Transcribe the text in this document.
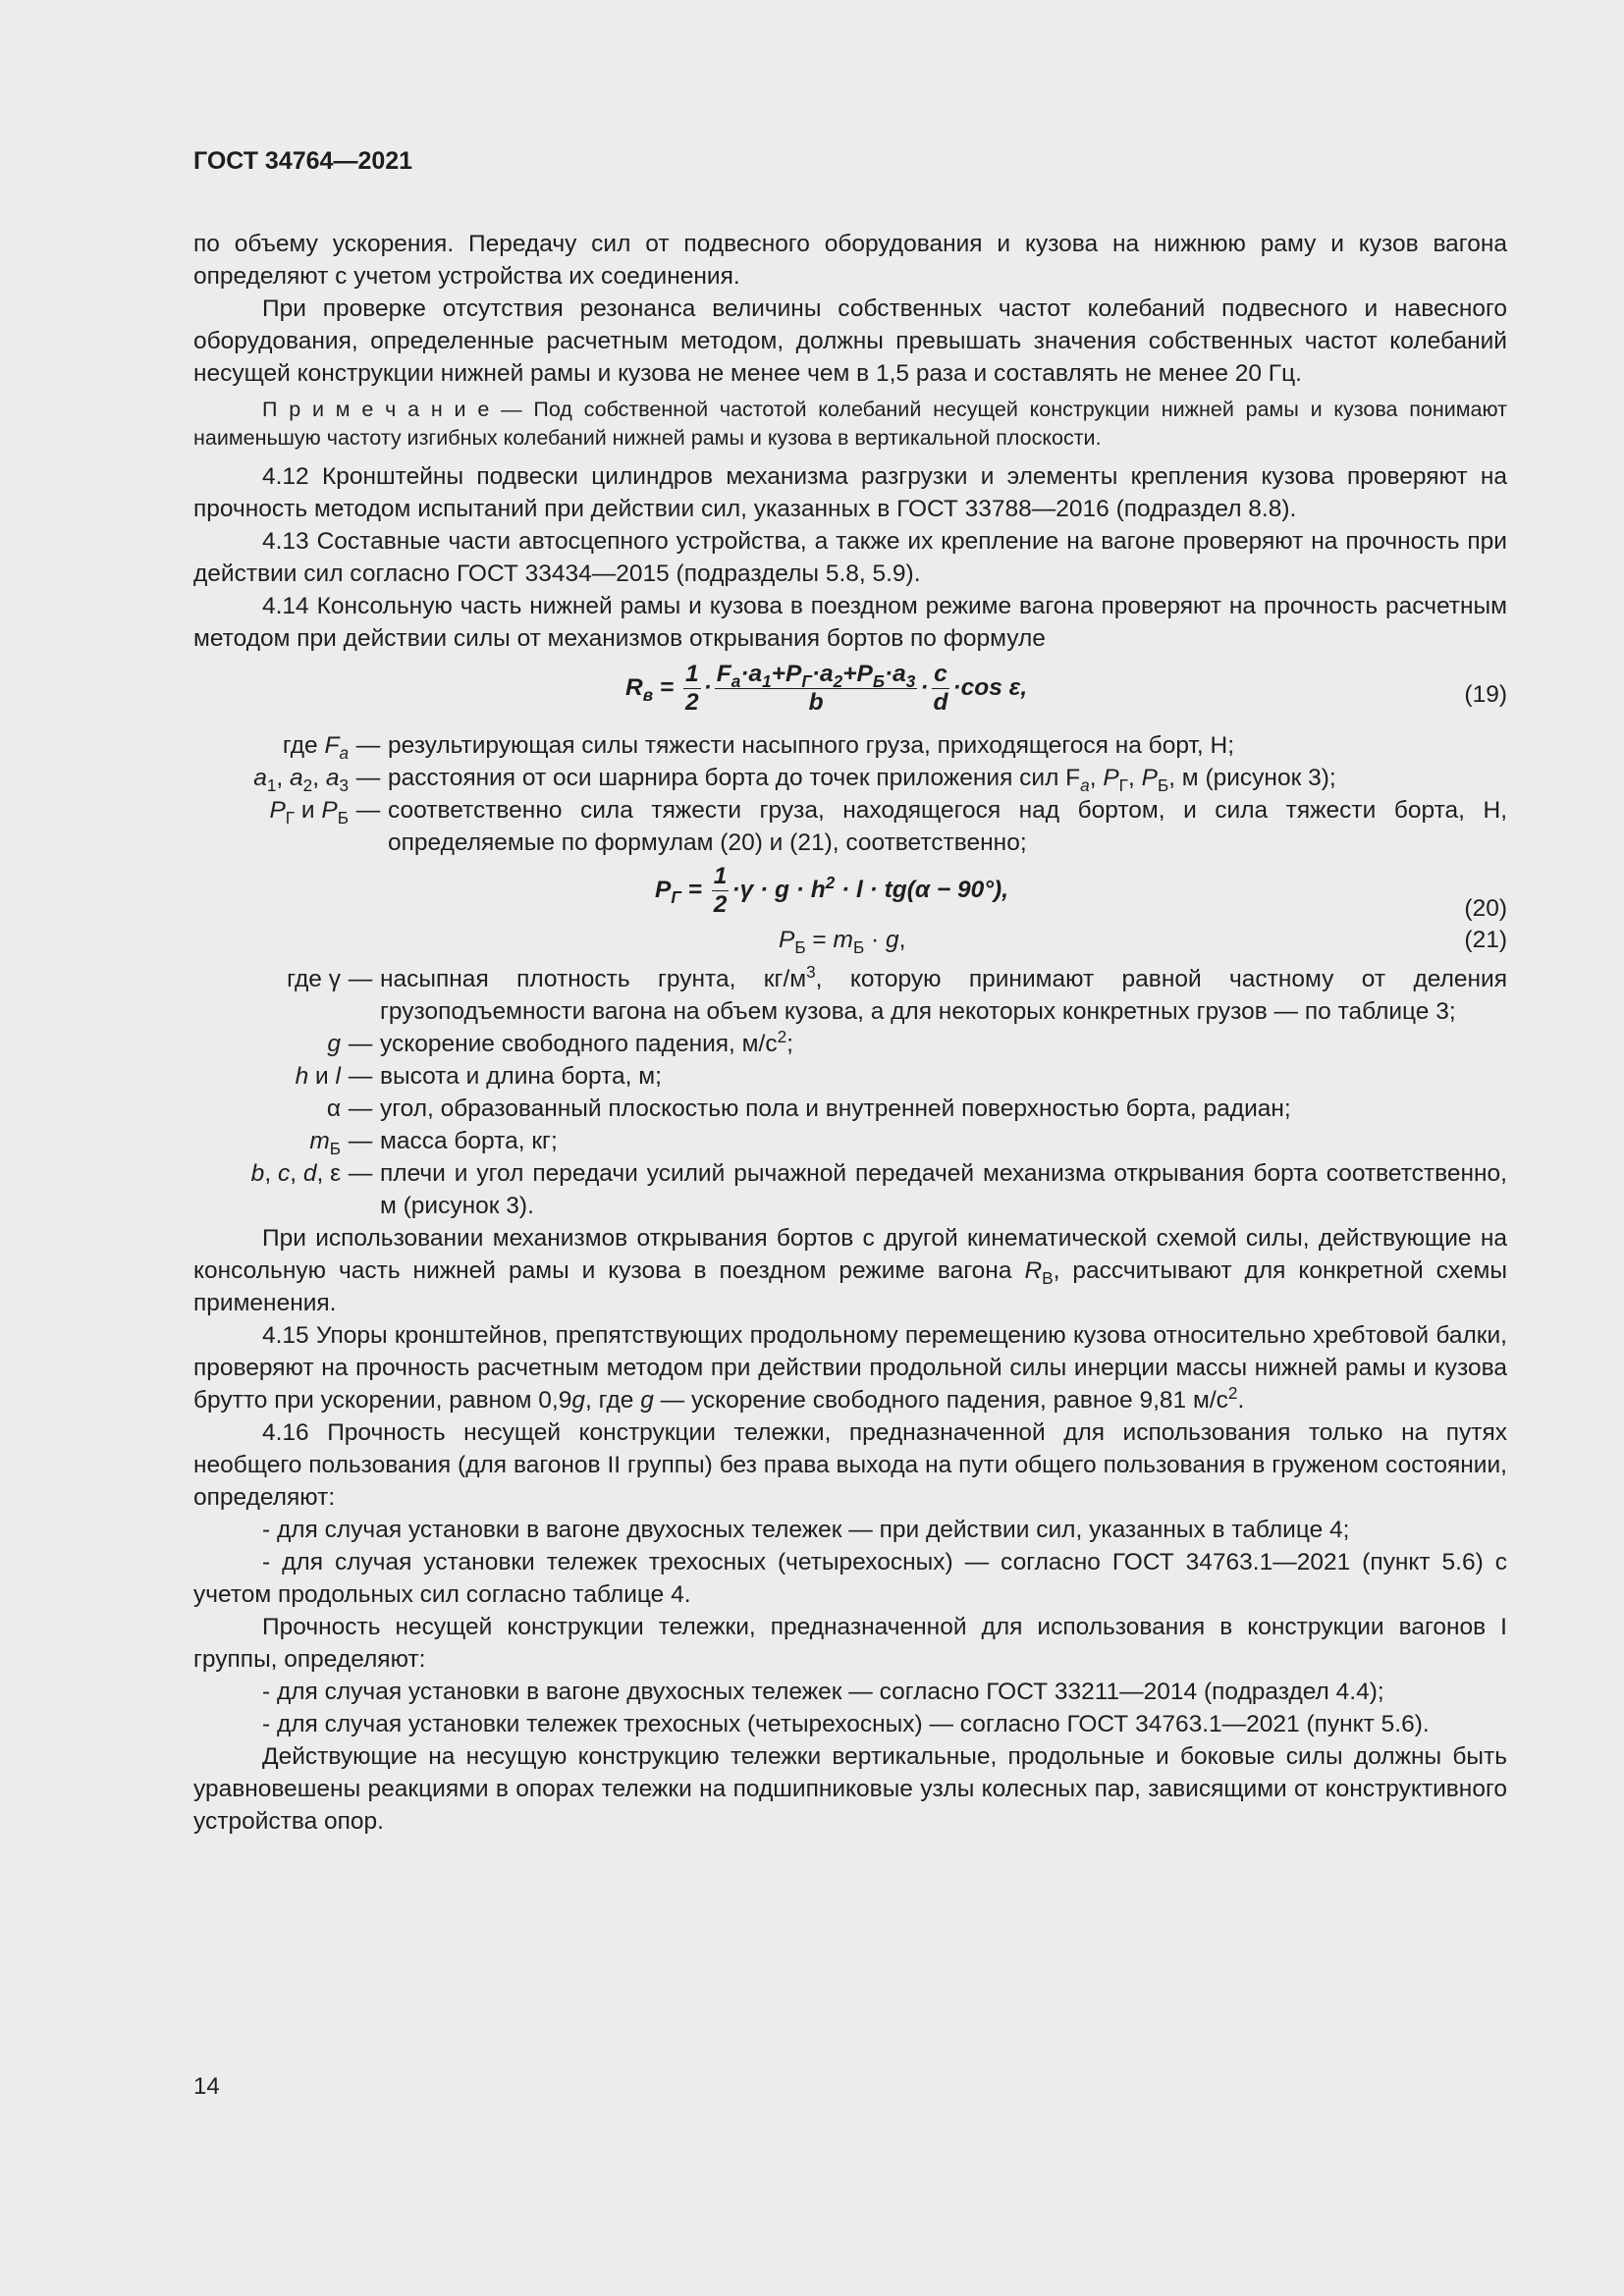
ГОСТ 34764—2021

по объему ускорения. Передачу сил от подвесного оборудования и кузова на нижнюю раму и кузов вагона определяют с учетом устройства их соединения.

При проверке отсутствия резонанса величины собственных частот колебаний подвесного и навесного оборудования, определенные расчетным методом, должны превышать значения собственных частот колебаний несущей конструкции нижней рамы и кузова не менее чем в 1,5 раза и составлять не менее 20 Гц.

П р и м е ч а н и е — Под собственной частотой колебаний несущей конструкции нижней рамы и кузова понимают наименьшую частоту изгибных колебаний нижней рамы и кузова в вертикальной плоскости.

4.12 Кронштейны подвески цилиндров механизма разгрузки и элементы крепления кузова проверяют на прочность методом испытаний при действии сил, указанных в ГОСТ 33788—2016 (подраздел 8.8).

4.13 Составные части автосцепного устройства, а также их крепление на вагоне проверяют на прочность при действии сил согласно ГОСТ 33434—2015 (подразделы 5.8, 5.9).

4.14 Консольную часть нижней рамы и кузова в поездном режиме вагона проверяют на прочность расчетным методом при действии силы от механизмов открывания бортов по формуле

$R_в = \frac{1}{2} \cdot \frac{F_a\cdot a_1+P_Г\cdot a_2+P_Б\cdot a_3}{b} \cdot \frac{c}{d} \cdot\cos$ ε,	(19)
где $F_a$ — результирующая силы тяжести насыпного груза, приходящегося на борт, Н;
$a_1$, $a_2$, $a_3$ — расстояния от оси шарнира борта до точек приложения сил $F_a$, $P_Г$, $P_Б$, м (рисунок 3);
$P_Г$ и $P_Б$ — соответственно сила тяжести груза, находящегося над бортом, и сила тяжести борта, Н, определяемые по формулам (20) и (21), соответственно;
$P_Г = \frac{1}{2} \cdot\gamma \cdot g \cdot h^2 \cdot l \cdot tg(\alpha - 90^\circ)$,
(20)
$P_Б = m_Б \cdot g$,	(21)
где γ — насыпная плотность грунта, $кг/м^3$, которую принимают равной частному от деления грузоподъемности вагона на объем кузова, а для некоторых конкретных грузов — по таблице 3;
g — ускорение свободного падения, $м/с^2$;
h и l — высота и длина борта, м;
α — угол, образованный плоскостью пола и внутренней поверхностью борта, радиан;
$m_Б$ — масса борта, кг;
b, c, d, ε — плечи и угол передачи усилий рычажной передачей механизма открывания борта соответственно, м (рисунок 3).

При использовании механизмов открывания бортов с другой кинематической схемой силы, действующие на консольную часть нижней рамы и кузова в поездном режиме вагона $R_В$, рассчитывают для конкретной схемы применения.

4.15 Упоры кронштейнов, препятствующих продольному перемещению кузова относительно хребтовой балки, проверяют на прочность расчетным методом при действии продольной силы инерции массы нижней рамы и кузова брутто при ускорении, равном 0,9g, где g — ускорение свободного падения, равное 9,81 $м/с^2$.

4.16 Прочность несущей конструкции тележки, предназначенной для использования только на путях необщего пользования (для вагонов II группы) без права выхода на пути общего пользования в груженом состоянии, определяют:

- для случая установки в вагоне двухосных тележек — при действии сил, указанных в таблице 4;

- для случая установки тележек трехосных (четырехосных) — согласно ГОСТ 34763.1—2021 (пункт 5.6) с учетом продольных сил согласно таблице 4.

Прочность несущей конструкции тележки, предназначенной для использования в конструкции вагонов I группы, определяют:

- для случая установки в вагоне двухосных тележек — согласно ГОСТ 33211—2014 (подраздел 4.4);

- для случая установки тележек трехосных (четырехосных) — согласно ГОСТ 34763.1—2021 (пункт 5.6).

Действующие на несущую конструкцию тележки вертикальные, продольные и боковые силы должны быть уравновешены реакциями в опорах тележки на подшипниковые узлы колесных пар, зависящими от конструктивного устройства опор.

14
